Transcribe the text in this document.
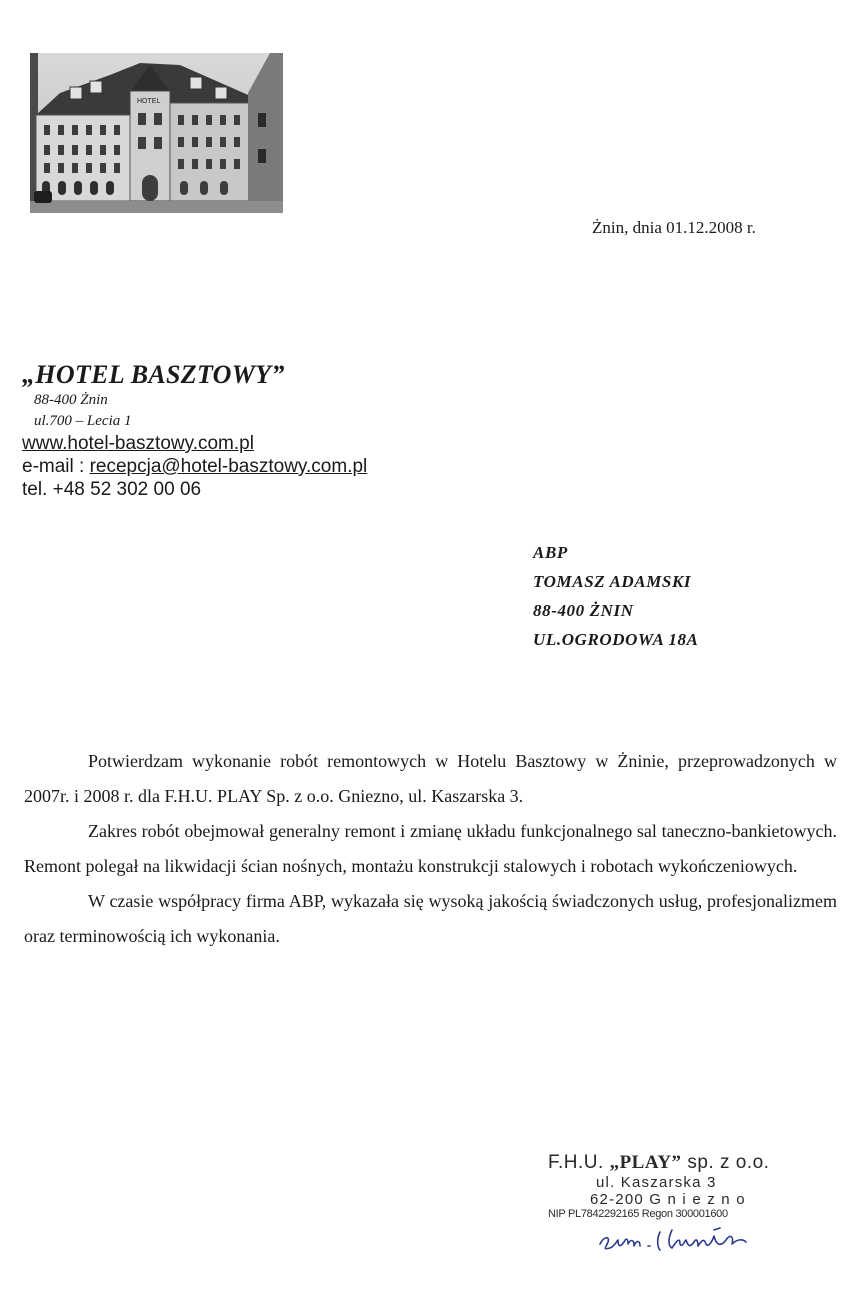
HOTEL
Żnin, dnia 01.12.2008 r.
„HOTEL BASZTOWY”
88-400 Żnin
ul.700 – Lecia 1
www.hotel-basztowy.com.pl
e-mail : recepcja@hotel-basztowy.com.pl
tel. +48 52 302 00 06
ABP
TOMASZ ADAMSKI
88-400 ŻNIN
UL.OGRODOWA 18A

Potwierdzam wykonanie robót remontowych w Hotelu Basztowy w Żninie, przeprowadzonych w 2007r. i 2008 r. dla F.H.U. PLAY Sp. z o.o. Gniezno, ul. Kaszarska 3.

Zakres robót obejmował generalny remont i zmianę układu funkcjonalnego sal taneczno-bankietowych. Remont polegał na likwidacji ścian nośnych, montażu konstrukcji stalowych i robotach wykończeniowych.

W czasie współpracy firma ABP, wykazała się wysoką jakością świadczonych usług, profesjonalizmem oraz terminowością ich wykonania.

F.H.U. „PLAY” sp. z o.o.
ul. Kaszarska 3
62-200 G n i e z n o
NIP PL7842292165 Regon 300001600
